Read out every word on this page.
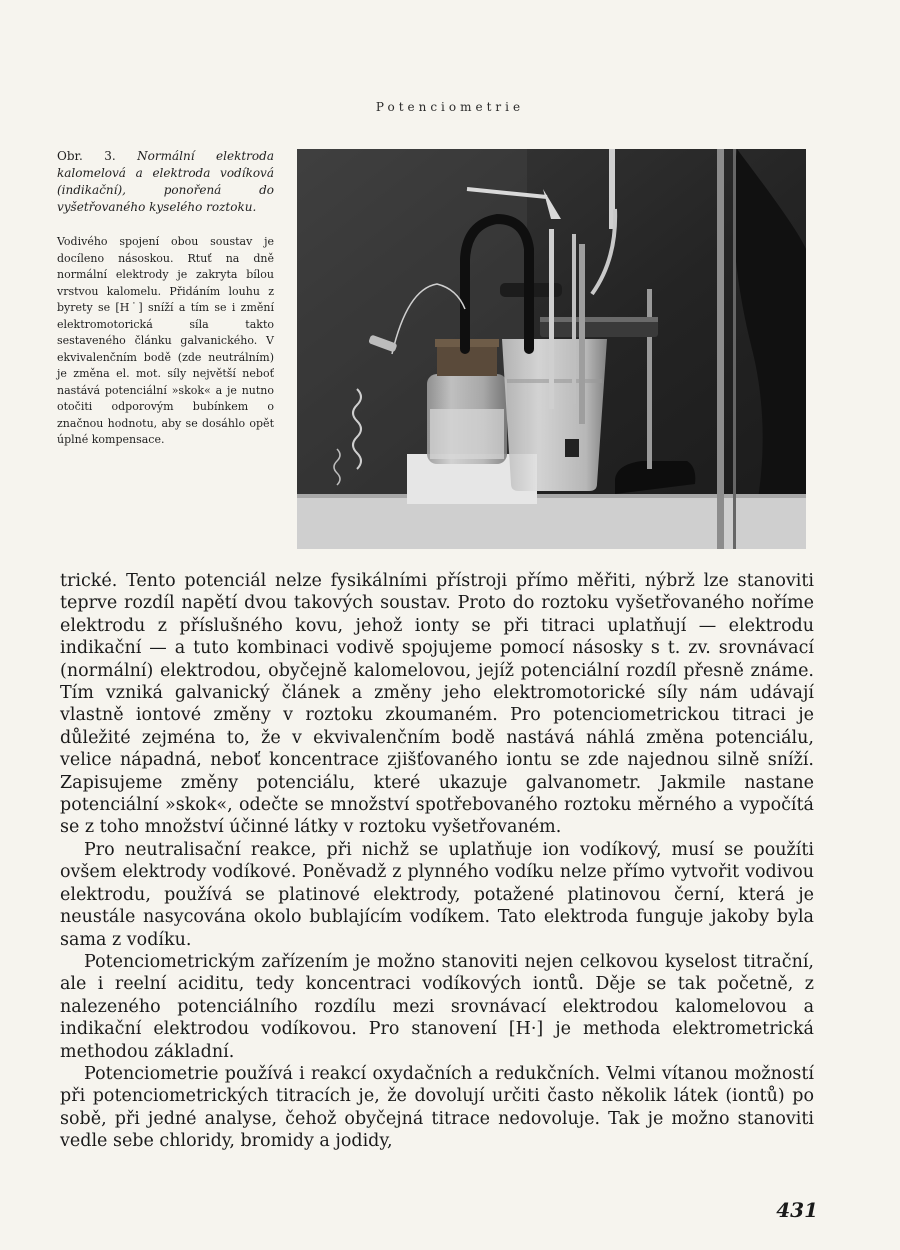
Potenciometrie

Obr. 3. Normální elektroda kalomelová a elektroda vodíková (indikační), ponořená do vyšetřovaného kyselého roztoku.

Vodivého spojení obou soustav je docíleno násoskou. Rtuť na dně normální elektrody je zakryta bílou vrstvou kalomelu. Přidáním louhu z byrety se [H˙] sníží a tím se i změní elektromotorická síla takto sestaveného článku galvanického. V ekvivalenčním bodě (zde neutrálním) je změna el. mot. síly největší neboť nastává potenciální »skok« a je nutno otočiti odporovým bubínkem o značnou hodnotu, aby se dosáhlo opět úplné kompensace.

trické. Tento potenciál nelze fysikálními přístroji přímo měřiti, nýbrž lze stanoviti teprve rozdíl napětí dvou takových soustav. Proto do roztoku vyšetřovaného noříme elektrodu z příslušného kovu, jehož ionty se při titraci uplatňují — elektrodu indikační — a tuto kombinaci vodivě spojujeme pomocí násosky s t. zv. srovnávací (normální) elektrodou, obyčejně kalomelovou, jejíž potenciální rozdíl přesně známe. Tím vzniká galvanický článek a změny jeho elektromotorické síly nám udávají vlastně iontové změny v roztoku zkoumaném. Pro potenciometrickou titraci je důležité zejména to, že v ekvivalenčním bodě nastává náhlá změna potenciálu, velice nápadná, neboť koncentrace zjišťovaného iontu se zde najednou silně sníží. Zapisujeme změny potenciálu, které ukazuje galvanometr. Jakmile nastane potenciální »skok«, odečte se množství spotřebovaného roztoku měrného a vypočítá se z toho množství účinné látky v roztoku vyšetřovaném.

Pro neutralisační reakce, při nichž se uplatňuje ion vodíkový, musí se použíti ovšem elektrody vodíkové. Poněvadž z plynného vodíku nelze přímo vytvořit vodivou elektrodu, používá se platinové elektrody, potažené platinovou černí, která je neustále nasycována okolo bublajícím vodíkem. Tato elektroda funguje jakoby byla sama z vodíku.

Potenciometrickým zařízením je možno stanoviti nejen celkovou kyselost titrační, ale i reelní aciditu, tedy koncentraci vodíkových iontů. Děje se tak početně, z nalezeného potenciálního rozdílu mezi srovnávací elektrodou kalomelovou a indikační elektrodou vodíkovou. Pro stanovení [H·] je methoda elektrometrická methodou základní.

Potenciometrie používá i reakcí oxydačních a redukčních. Velmi vítanou možností při potenciometrických titracích je, že dovolují určiti často několik látek (iontů) po sobě, při jedné analyse, čehož obyčejná titrace nedovoluje. Tak je možno stanoviti vedle sebe chloridy, bromidy a jodidy,

431
